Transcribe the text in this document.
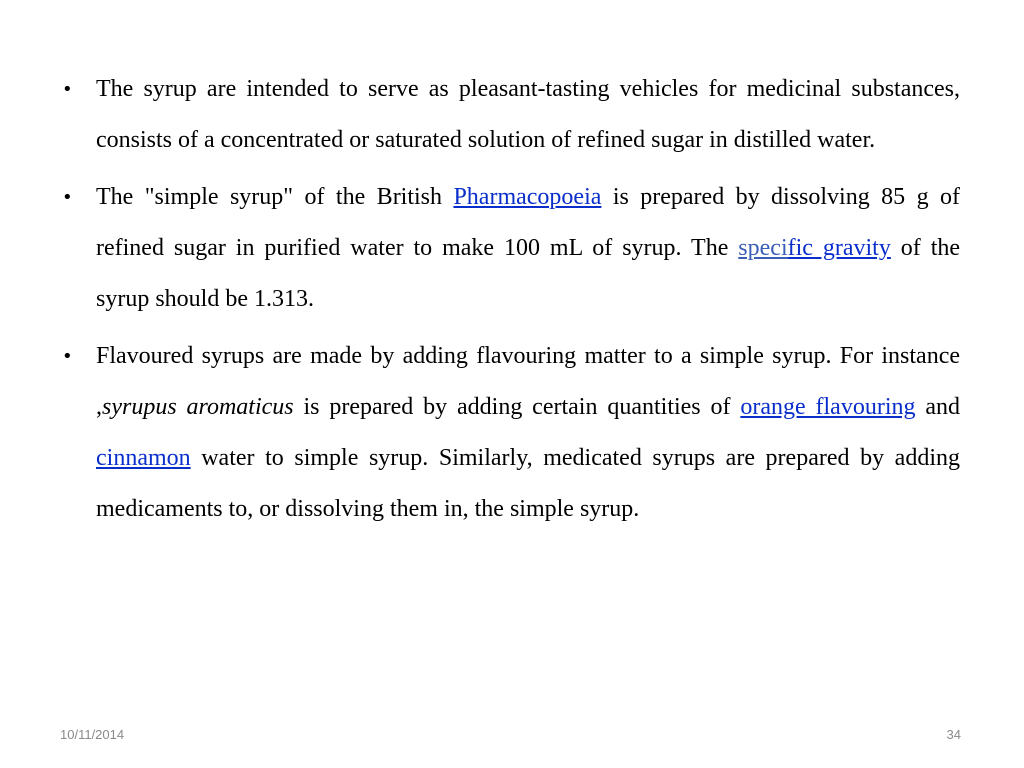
• The syrup are intended to serve as pleasant-tasting vehicles for medicinal substances, consists of a concentrated or saturated solution of refined sugar in distilled water.
• The "simple syrup" of the British Pharmacopoeia is prepared by dissolving 85 g of refined sugar in purified water to make 100 mL of syrup. The specific gravity of the syrup should be 1.313.
• Flavoured syrups are made by adding flavouring matter to a simple syrup. For instance ,syrupus aromaticus is prepared by adding certain quantities of orange flavouring and cinnamon water to simple syrup. Similarly, medicated syrups are prepared by adding medicaments to, or dissolving them in, the simple syrup.
10/11/2014	34
